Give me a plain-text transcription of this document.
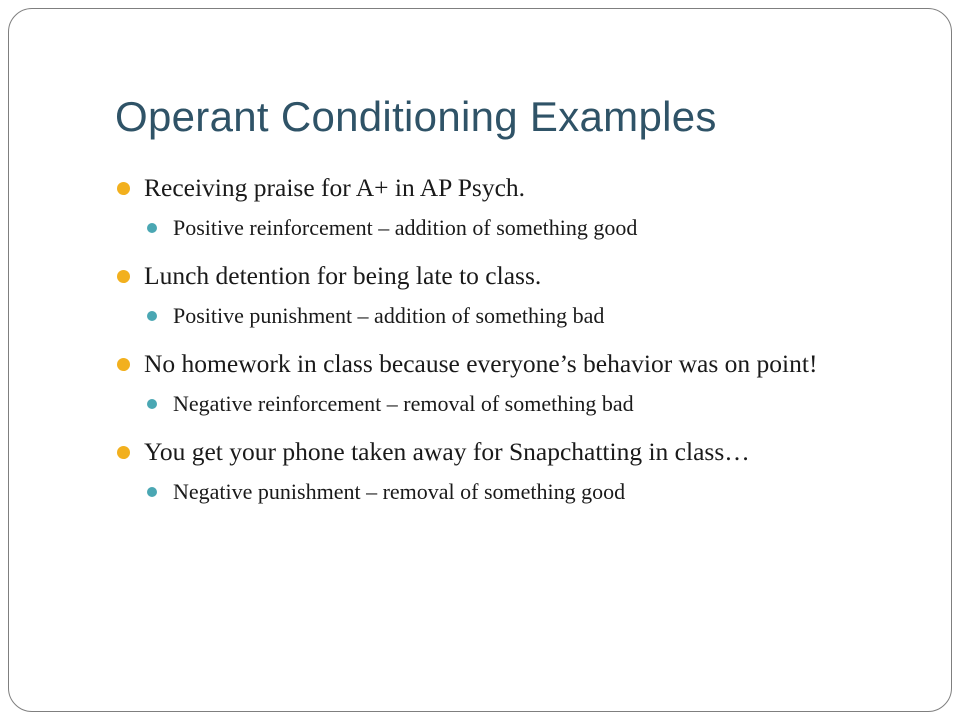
Operant Conditioning Examples
Receiving praise for A+ in AP Psych.
Positive reinforcement – addition of something good
Lunch detention for being late to class.
Positive punishment – addition of something bad
No homework in class because everyone’s behavior was on point!
Negative reinforcement – removal of something bad
You get your phone taken away for Snapchatting in class…
Negative punishment – removal of something good
